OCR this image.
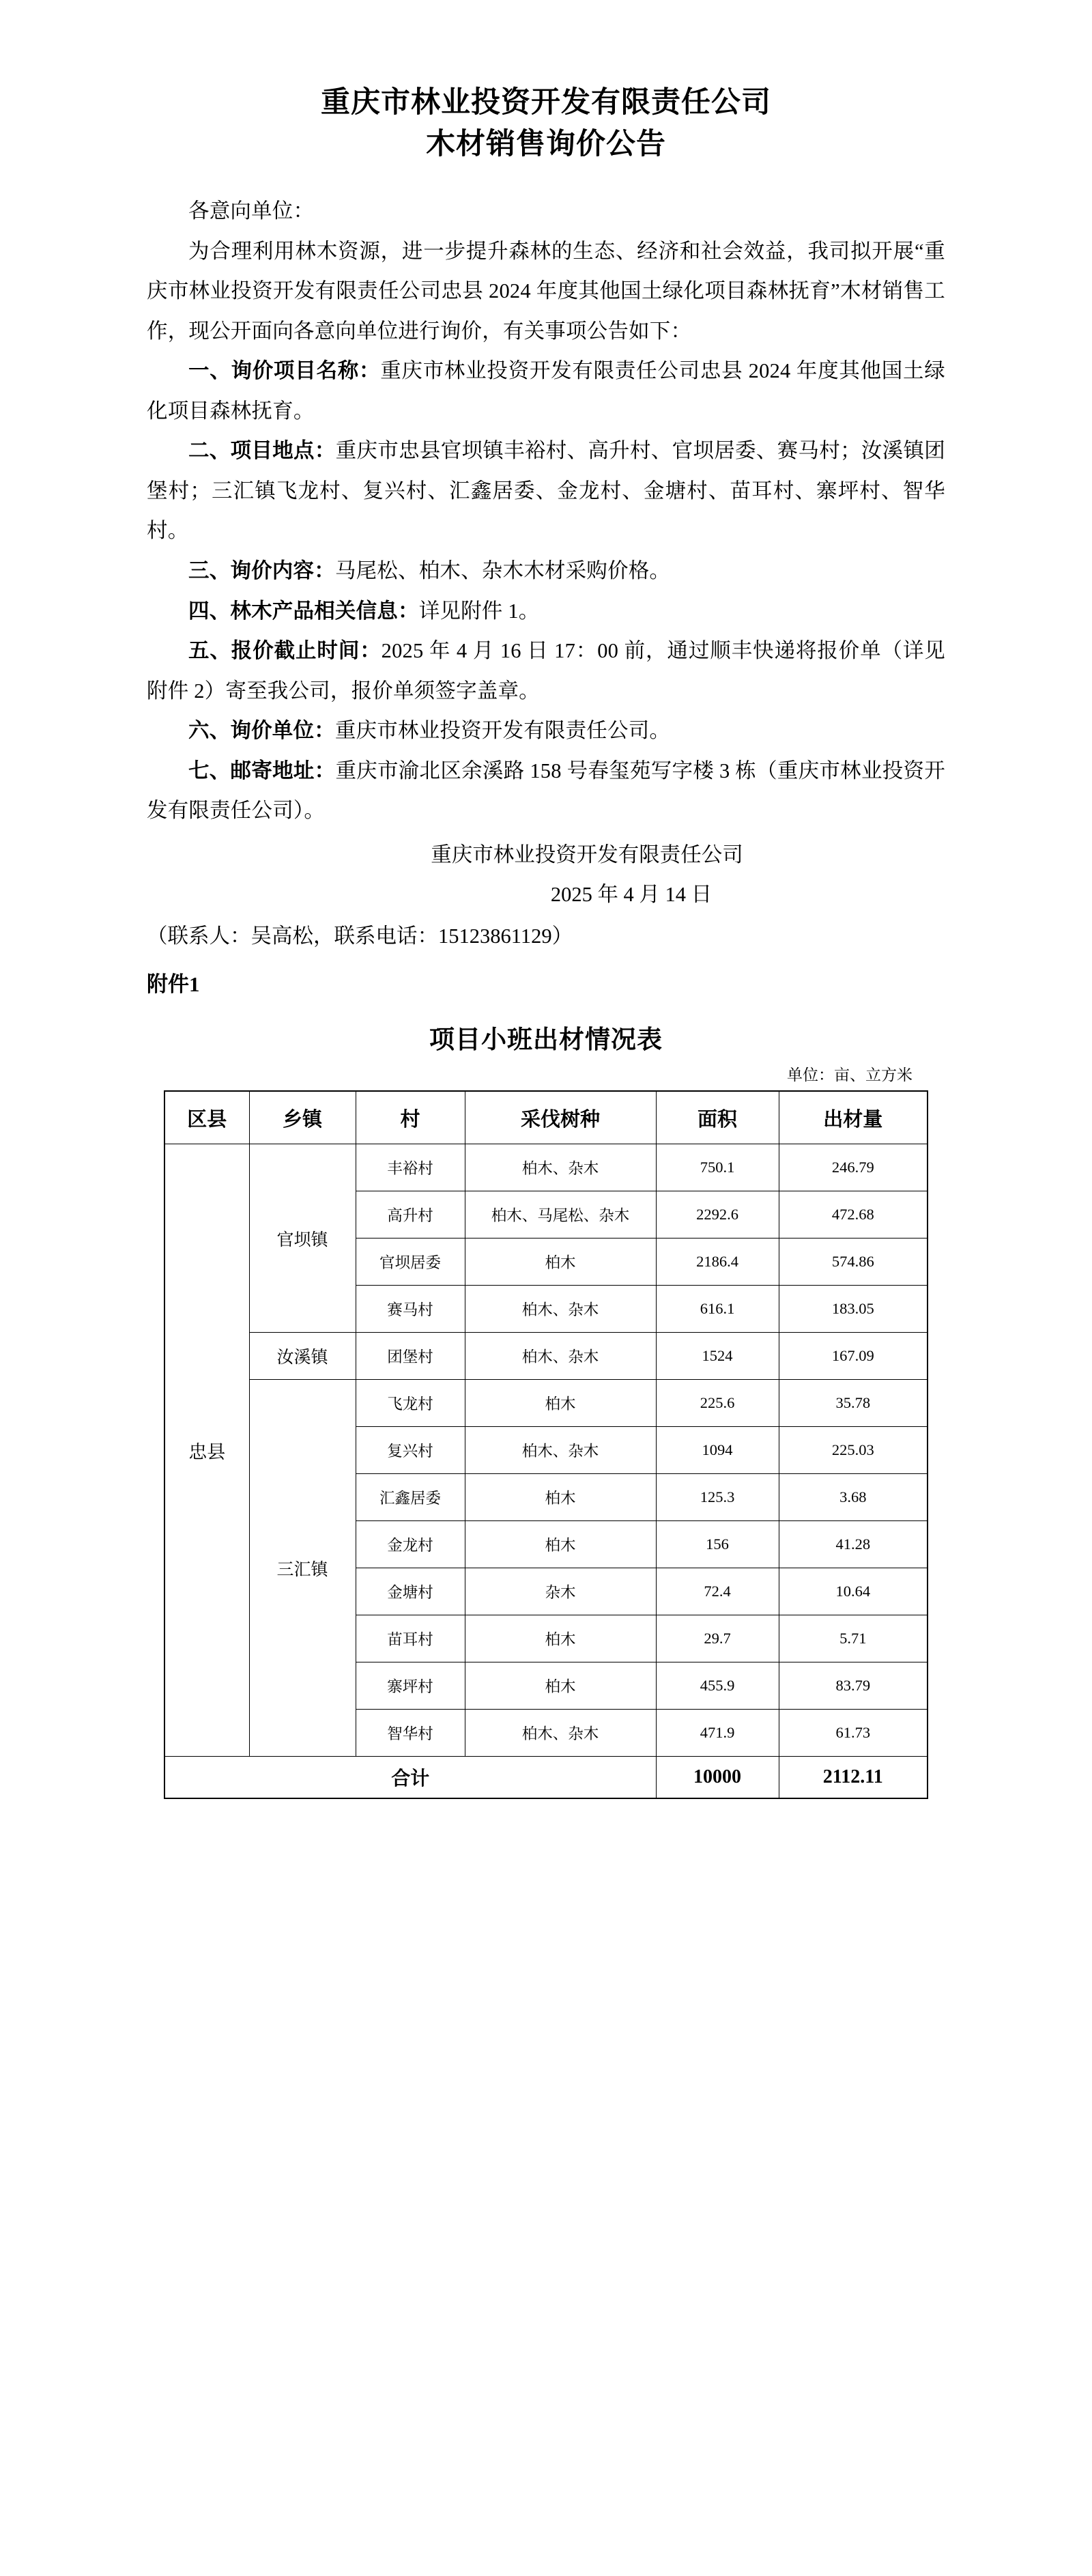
重庆市林业投资开发有限责任公司
木材销售询价公告

各意向单位：

为合理利用林木资源，进一步提升森林的生态、经济和社会效益，我司拟开展“重庆市林业投资开发有限责任公司忠县 2024 年度其他国土绿化项目森林抚育”木材销售工作，现公开面向各意向单位进行询价，有关事项公告如下：

一、询价项目名称：重庆市林业投资开发有限责任公司忠县 2024 年度其他国土绿化项目森林抚育。

二、项目地点：重庆市忠县官坝镇丰裕村、高升村、官坝居委、赛马村；汝溪镇团堡村；三汇镇飞龙村、复兴村、汇鑫居委、金龙村、金塘村、苗耳村、寨坪村、智华村。

三、询价内容：马尾松、柏木、杂木木材采购价格。

四、林木产品相关信息：详见附件 1。

五、报价截止时间：2025 年 4 月 16 日 17：00 前，通过顺丰快递将报价单（详见附件 2）寄至我公司，报价单须签字盖章。

六、询价单位：重庆市林业投资开发有限责任公司。

七、邮寄地址：重庆市渝北区余溪路 158 号春玺苑写字楼 3 栋（重庆市林业投资开发有限责任公司）。

重庆市林业投资开发有限责任公司
2025 年 4 月 14 日
（联系人：吴高松，联系电话：15123861129）
附件1
项目小班出材情况表
单位：亩、立方米
区县	乡镇	村	采伐树种	面积	出材量
忠县	官坝镇	丰裕村	柏木、杂木	750.1	246.79
		高升村	柏木、马尾松、杂木	2292.6	472.68
		官坝居委	柏木	2186.4	574.86
		赛马村	柏木、杂木	616.1	183.05
	汝溪镇	团堡村	柏木、杂木	1524	167.09
	三汇镇	飞龙村	柏木	225.6	35.78
		复兴村	柏木、杂木	1094	225.03
		汇鑫居委	柏木	125.3	3.68
		金龙村	柏木	156	41.28
		金塘村	杂木	72.4	10.64
		苗耳村	柏木	29.7	5.71
		寨坪村	柏木	455.9	83.79
		智华村	柏木、杂木	471.9	61.73
合计				10000	2112.11
